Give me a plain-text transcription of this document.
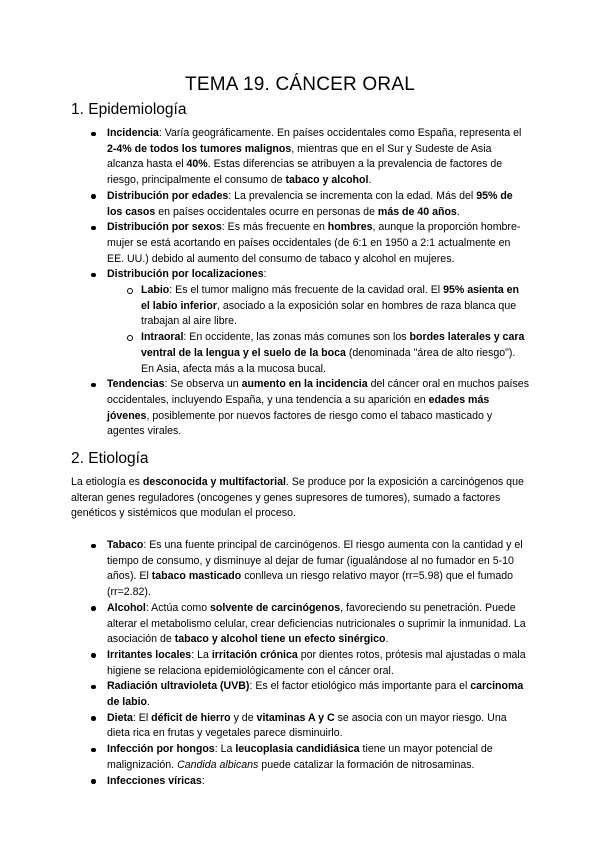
TEMA 19. CÁNCER ORAL
1. Epidemiología
Incidencia: Varía geográficamente. En países occidentales como España, representa el 2-4% de todos los tumores malignos, mientras que en el Sur y Sudeste de Asia alcanza hasta el 40%. Estas diferencias se atribuyen a la prevalencia de factores de riesgo, principalmente el consumo de tabaco y alcohol.
Distribución por edades: La prevalencia se incrementa con la edad. Más del 95% de los casos en países occidentales ocurre en personas de más de 40 años.
Distribución por sexos: Es más frecuente en hombres, aunque la proporción hombre-mujer se está acortando en países occidentales (de 6:1 en 1950 a 2:1 actualmente en EE. UU.) debido al aumento del consumo de tabaco y alcohol en mujeres.
Distribución por localizaciones:
Labio: Es el tumor maligno más frecuente de la cavidad oral. El 95% asienta en el labio inferior, asociado a la exposición solar en hombres de raza blanca que trabajan al aire libre.
Intraoral: En occidente, las zonas más comunes son los bordes laterales y cara ventral de la lengua y el suelo de la boca (denominada "área de alto riesgo"). En Asia, afecta más a la mucosa bucal.
Tendencias: Se observa un aumento en la incidencia del cáncer oral en muchos países occidentales, incluyendo España, y una tendencia a su aparición en edades más jóvenes, posiblemente por nuevos factores de riesgo como el tabaco masticado y agentes virales.
2. Etiología

La etiología es desconocida y multifactorial. Se produce por la exposición a carcinógenos que alteran genes reguladores (oncogenes y genes supresores de tumores), sumado a factores genéticos y sistémicos que modulan el proceso.

Tabaco: Es una fuente principal de carcinógenos. El riesgo aumenta con la cantidad y el tiempo de consumo, y disminuye al dejar de fumar (igualándose al no fumador en 5-10 años). El tabaco masticado conlleva un riesgo relativo mayor (rr=5.98) que el fumado (rr=2.82).
Alcohol: Actúa como solvente de carcinógenos, favoreciendo su penetración. Puede alterar el metabolismo celular, crear deficiencias nutricionales o suprimir la inmunidad. La asociación de tabaco y alcohol tiene un efecto sinérgico.
Irritantes locales: La irritación crónica por dientes rotos, prótesis mal ajustadas o mala higiene se relaciona epidemiológicamente con el cáncer oral.
Radiación ultravioleta (UVB): Es el factor etiológico más importante para el carcinoma de labio.
Dieta: El déficit de hierro y de vitaminas A y C se asocia con un mayor riesgo. Una dieta rica en frutas y vegetales parece disminuirlo.
Infección por hongos: La leucoplasia candidiásica tiene un mayor potencial de malignización. Candida albicans puede catalizar la formación de nitrosaminas.
Infecciones víricas:
